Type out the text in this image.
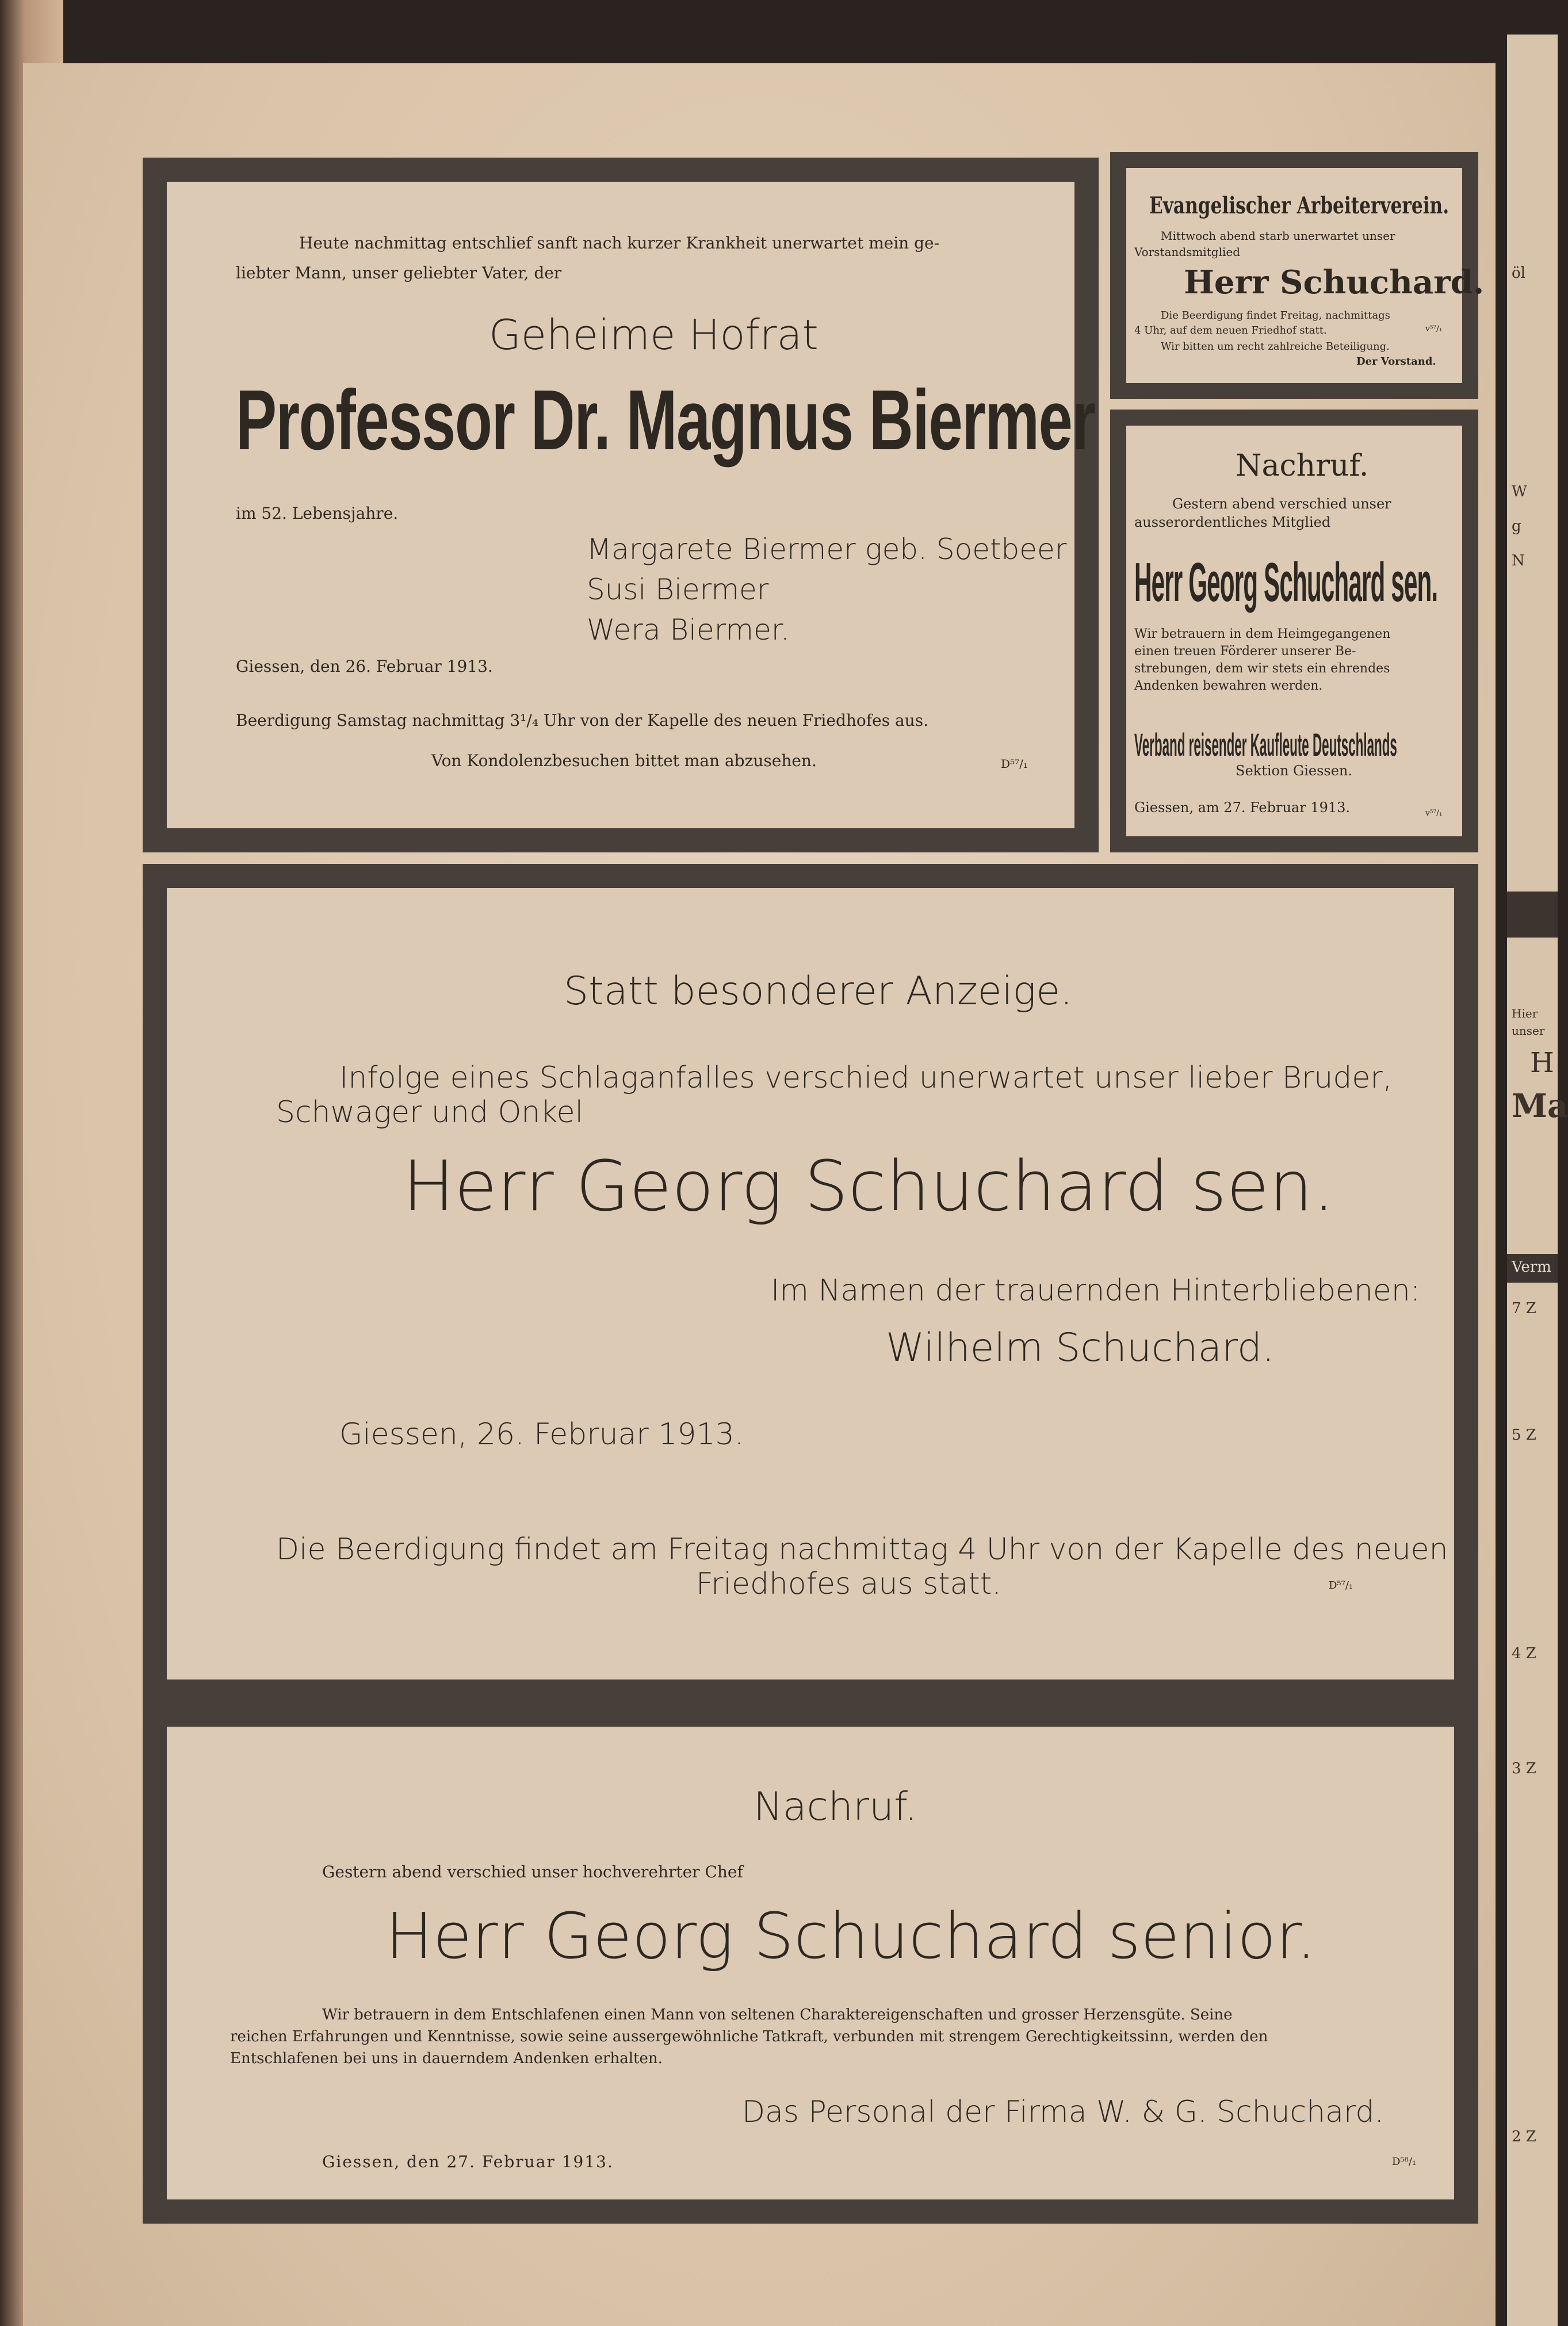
öl
W
g
N
Hier
unser
H
Ma
Verm
7 Z
5 Z
4 Z
3 Z
2 Z
Heute nachmittag entschlief sanft nach kurzer Krankheit unerwartet mein ge-
liebter Mann, unser geliebter Vater, der
Geheime Hofrat
Professor Dr. Magnus Biermer
im 52. Lebensjahre.
Margarete Biermer geb. Soetbeer
Susi Biermer
Wera Biermer.
Giessen, den 26. Februar 1913.
Beerdigung Samstag nachmittag 3¹/₄ Uhr von der Kapelle des neuen Friedhofes aus.
Von Kondolenzbesuchen bittet man abzusehen.	D⁵⁷/₁
Evangelischer Arbeiterverein.
Mittwoch abend starb unerwartet unser
Vorstandsmitglied
Herr Schuchard.
Die Beerdigung findet Freitag, nachmittags
4 Uhr, auf dem neuen Friedhof statt.	v⁵⁷/₁
Wir bitten um recht zahlreiche Beteiligung.
Der Vorstand.
Nachruf.
Gestern abend verschied unser
ausserordentliches Mitglied
Herr Georg Schuchard sen.
Wir betrauern in dem Heimgegangenen
einen treuen Förderer unserer Be-
strebungen, dem wir stets ein ehrendes
Andenken bewahren werden.
Verband reisender Kaufleute Deutschlands
Sektion Giessen.
Giessen, am 27. Februar 1913.	v⁵⁷/₁
Statt besonderer Anzeige.
Infolge eines Schlaganfalles verschied unerwartet unser lieber Bruder,
Schwager und Onkel
Herr Georg Schuchard sen.
Im Namen der trauernden Hinterbliebenen:
Wilhelm Schuchard.
Giessen, 26. Februar 1913.
Die Beerdigung findet am Freitag nachmittag 4 Uhr von der Kapelle des neuen
Friedhofes aus statt.	D⁵⁷/₁
Nachruf.
Gestern abend verschied unser hochverehrter Chef
Herr Georg Schuchard senior.
Wir betrauern in dem Entschlafenen einen Mann von seltenen Charaktereigenschaften und grosser Herzensgüte. Seine
reichen Erfahrungen und Kenntnisse, sowie seine aussergewöhnliche Tatkraft, verbunden mit strengem Gerechtigkeitssinn, werden den
Entschlafenen bei uns in dauerndem Andenken erhalten.
Das Personal der Firma W. & G. Schuchard.
Giessen, den 27. Februar 1913.	D⁵⁸/₁
